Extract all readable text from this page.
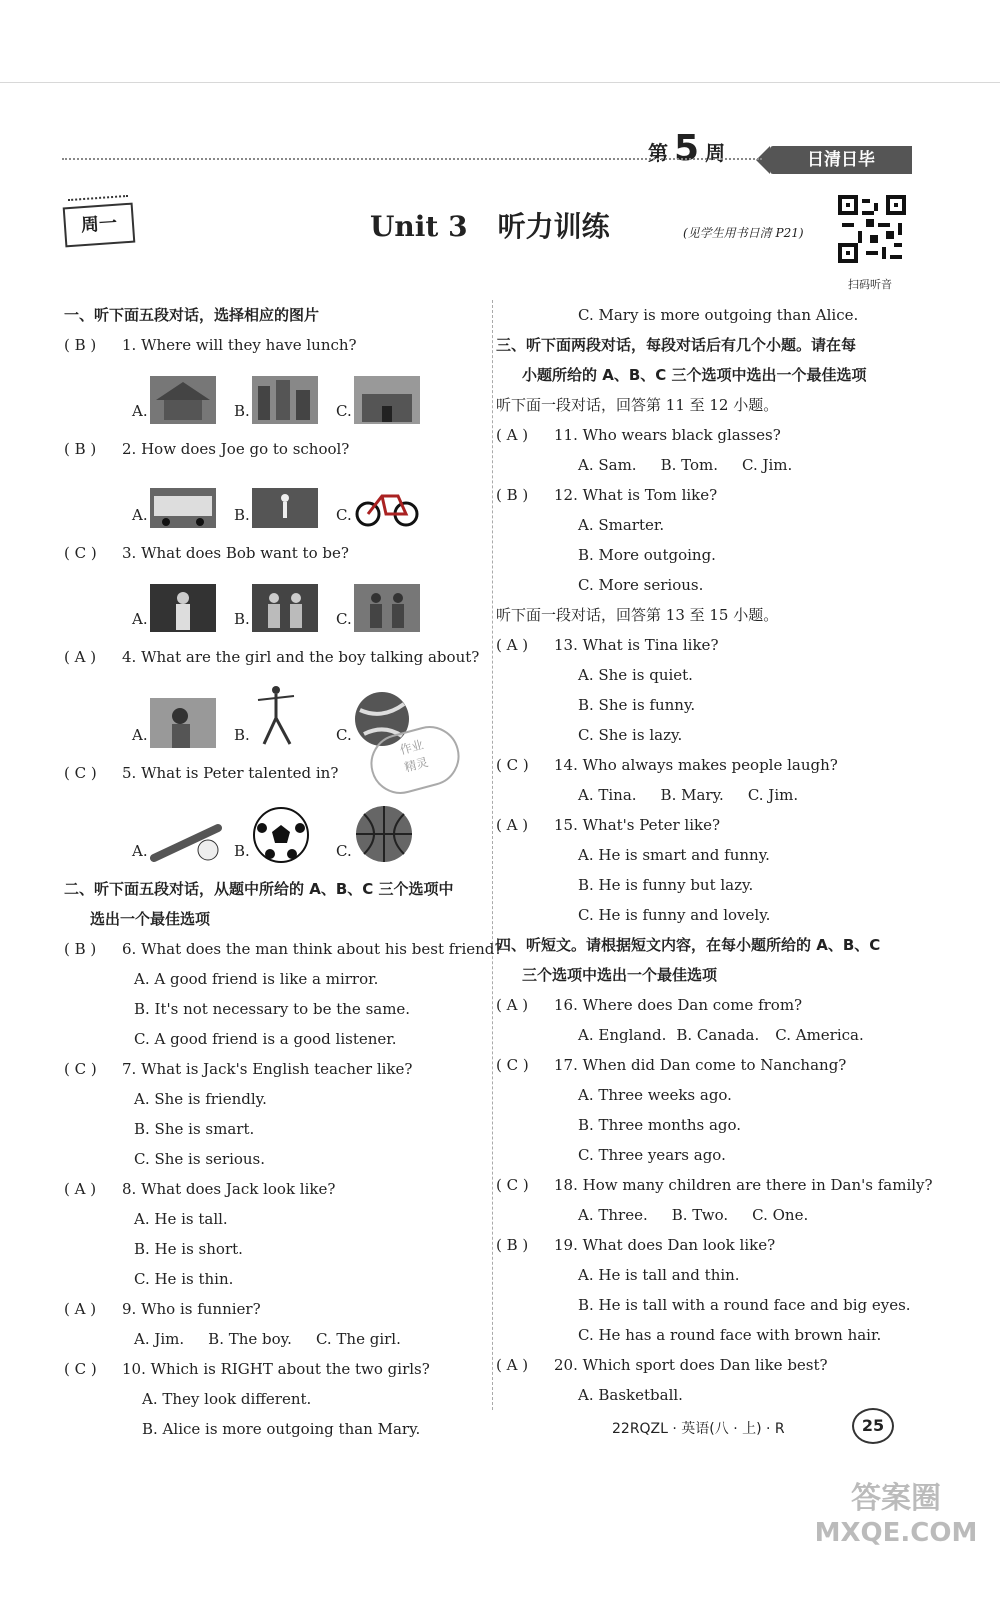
第 5 周	日清日毕
周一	Unit 3 听力训练	(见学生用书日清 P21)
扫码听音
一、听下面五段对话，选择相应的图片
( B ) 1. Where will they have lunch?
A.	B.	C.
( B ) 2. How does Joe go to school?
A.	B.	C.
( C ) 3. What does Bob want to be?
A.	B.	C.
( A ) 4. What are the girl and the boy talking about?
A.	B.	C.
( C ) 5. What is Peter talented in?
A.	B.	C.
二、听下面五段对话，从题中所给的 A、B、C 三个选项中
选出一个最佳选项
( B ) 6. What does the man think about his best friend?
A. A good friend is like a mirror.
B. It's not necessary to be the same.
C. A good friend is a good listener.
( C ) 7. What is Jack's English teacher like?
A. She is friendly.
B. She is smart.
C. She is serious.
( A ) 8. What does Jack look like?
A. He is tall.
B. He is short.
C. He is thin.
( A ) 9. Who is funnier?
A. Jim. B. The boy. C. The girl.
( C ) 10. Which is RIGHT about the two girls?
A. They look different.
B. Alice is more outgoing than Mary.
作业
精灵
C. Mary is more outgoing than Alice.
三、听下面两段对话，每段对话后有几个小题。请在每
小题所给的 A、B、C 三个选项中选出一个最佳选项
听下面一段对话，回答第 11 至 12 小题。
( A ) 11. Who wears black glasses?
A. Sam. B. Tom. C. Jim.
( B ) 12. What is Tom like?
A. Smarter.
B. More outgoing.
C. More serious.
听下面一段对话，回答第 13 至 15 小题。
( A ) 13. What is Tina like?
A. She is quiet.
B. She is funny.
C. She is lazy.
( C ) 14. Who always makes people laugh?
A. Tina. B. Mary. C. Jim.
( A ) 15. What's Peter like?
A. He is smart and funny.
B. He is funny but lazy.
C. He is funny and lovely.
四、听短文。请根据短文内容，在每小题所给的 A、B、C
三个选项中选出一个最佳选项
( A ) 16. Where does Dan come from?
A. England. B. Canada. C. America.
( C ) 17. When did Dan come to Nanchang?
A. Three weeks ago.
B. Three months ago.
C. Three years ago.
( C ) 18. How many children are there in Dan's family?
A. Three. B. Two. C. One.
( B ) 19. What does Dan look like?
A. He is tall and thin.
B. He is tall with a round face and big eyes.
C. He has a round face with brown hair.
( A ) 20. Which sport does Dan like best?
A. Basketball.
22RQZL · 英语(八 · 上) · R	25
答案圈
MXQE.COM
